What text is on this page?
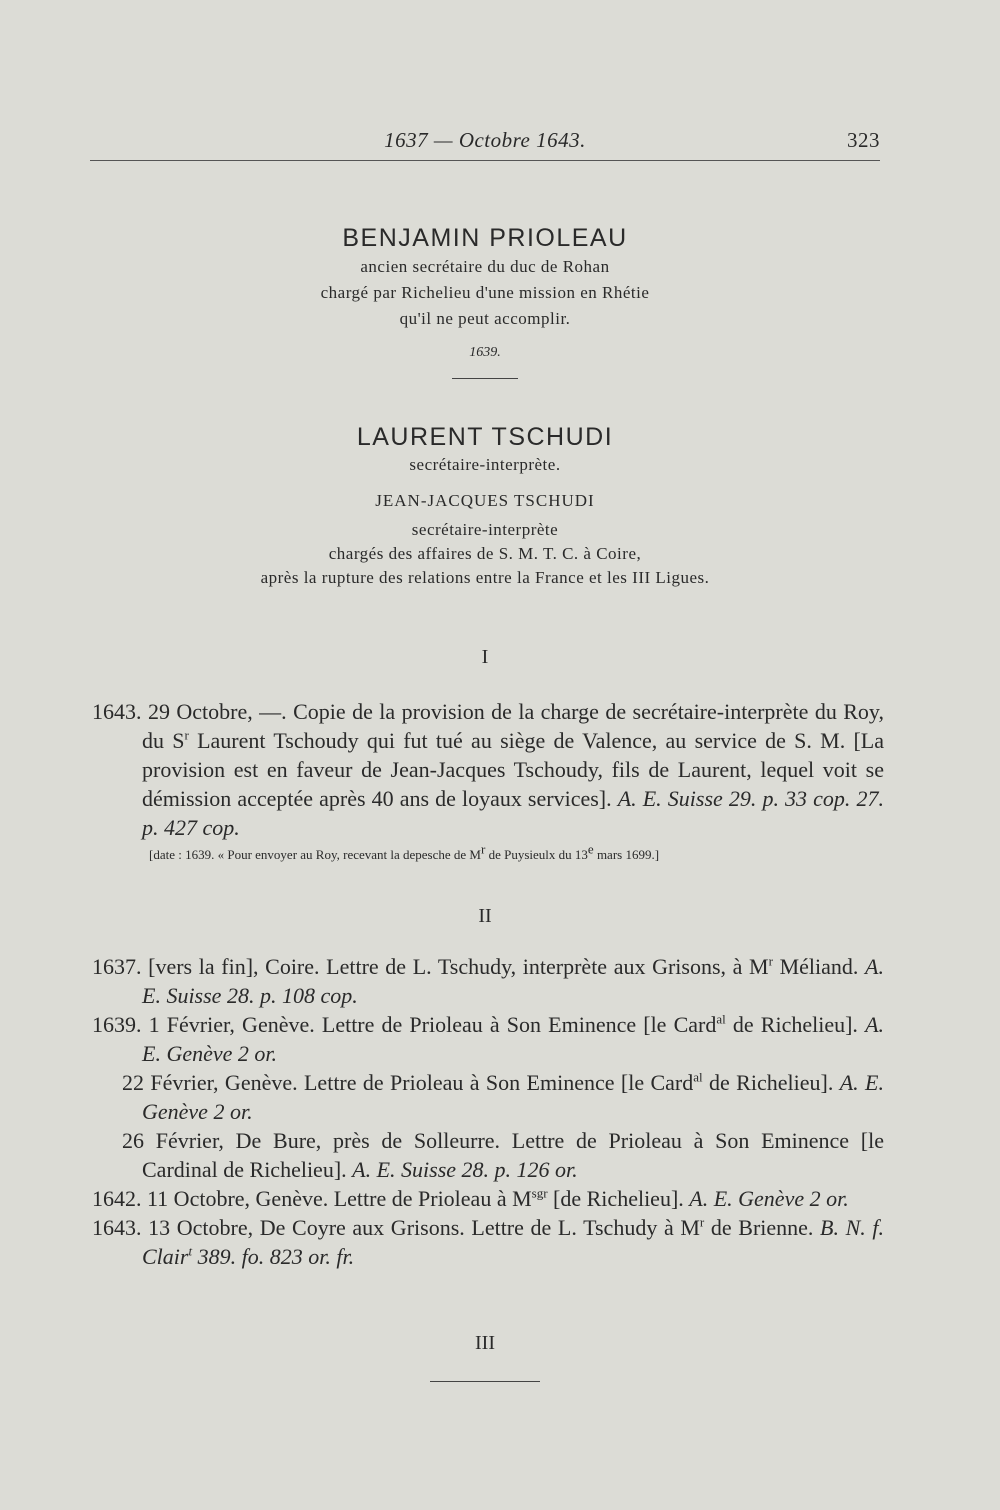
1637 — Octobre 1643.	323
BENJAMIN PRIOLEAU
ancien secrétaire du duc de Rohan
chargé par Richelieu d'une mission en Rhétie
qu'il ne peut accomplir.
1639.
LAURENT TSCHUDI
secrétaire-interprète.
JEAN-JACQUES TSCHUDI
secrétaire-interprète
chargés des affaires de S. M. T. C. à Coire,
après la rupture des relations entre la France et les III Ligues.
I
1643. 29 Octobre, —. Copie de la provision de la charge de secrétaire-interprète du Roy, du $S^r$ Laurent Tschoudy qui fut tué au siège de Valence, au service de S. M. [La provision est en faveur de Jean-Jacques Tschoudy, fils de Laurent, lequel voit se démission acceptée après 40 ans de loyaux services]. A. E. Suisse 29. p. 33 cop. 27. p. 427 cop.
[date : 1639. « Pour envoyer au Roy, recevant la depesche de $M^r$ de Puysieulx du 13e mars 1699.]
II
1637. [vers la fin], Coire. Lettre de L. Tschudy, interprète aux Grisons, à $M^r$ Méliand. A. E. Suisse 28. p. 108 cop.
1639. 1 Février, Genève. Lettre de Prioleau à Son Eminence [le Card$^{al}$ de Richelieu]. A. E. Genève 2 or.
22 Février, Genève. Lettre de Prioleau à Son Eminence [le Card$^{al}$ de Richelieu]. A. E. Genève 2 or.
26 Février, De Bure, près de Solleurre. Lettre de Prioleau à Son Eminence [le Cardinal de Richelieu]. A. E. Suisse 28. p. 126 or.
1642. 11 Octobre, Genève. Lettre de Prioleau à $M^{sgr}$ [de Richelieu]. A. E. Genève 2 or.
1643. 13 Octobre, De Coyre aux Grisons. Lettre de L. Tschudy à $M^r$ de Brienne. B. N. f. Clair$^t$ 389. fo. 823 or. fr.
III
